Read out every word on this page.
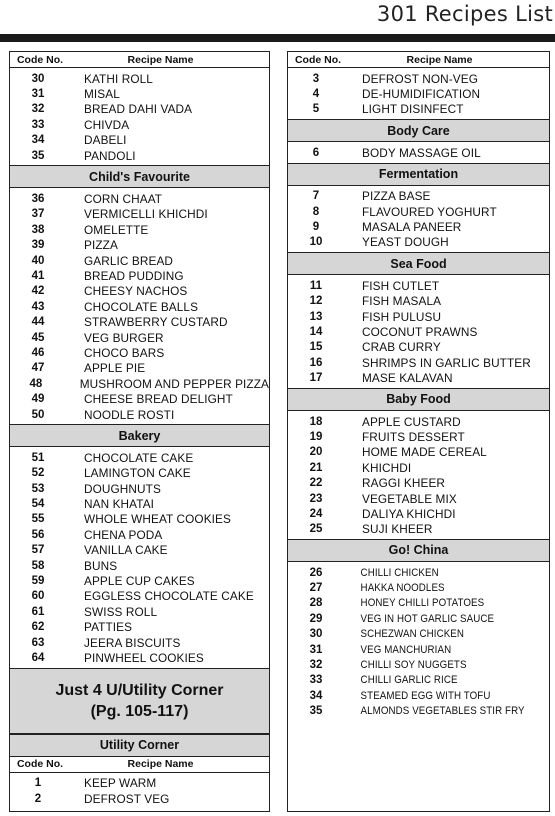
301 Recipes List
Code No.	Recipe Name
30	KATHI ROLL
31	MISAL
32	BREAD DAHI VADA
33	CHIVDA
34	DABELI
35	PANDOLI
Child's Favourite
36	CORN CHAAT
37	VERMICELLI KHICHDI
38	OMELETTE
39	PIZZA
40	GARLIC BREAD
41	BREAD PUDDING
42	CHEESY NACHOS
43	CHOCOLATE BALLS
44	STRAWBERRY CUSTARD
45	VEG BURGER
46	CHOCO BARS
47	APPLE PIE
48	MUSHROOM AND PEPPER PIZZA
49	CHEESE BREAD DELIGHT
50	NOODLE ROSTI
Bakery
51	CHOCOLATE CAKE
52	LAMINGTON CAKE
53	DOUGHNUTS
54	NAN KHATAI
55	WHOLE WHEAT COOKIES
56	CHENA PODA
57	VANILLA CAKE
58	BUNS
59	APPLE CUP CAKES
60	EGGLESS CHOCOLATE CAKE
61	SWISS ROLL
62	PATTIES
63	JEERA BISCUITS
64	PINWHEEL COOKIES
Just 4 U/Utility Corner
(Pg. 105-117)
Utility Corner
Code No.	Recipe Name
1	KEEP WARM
2	DEFROST VEG
Code No.	Recipe Name
3	DEFROST NON-VEG
4	DE-HUMIDIFICATION
5	LIGHT DISINFECT
Body Care
6	BODY MASSAGE OIL
Fermentation
7	PIZZA BASE
8	FLAVOURED YOGHURT
9	MASALA PANEER
10	YEAST DOUGH
Sea Food
11	FISH CUTLET
12	FISH MASALA
13	FISH PULUSU
14	COCONUT PRAWNS
15	CRAB CURRY
16	SHRIMPS IN GARLIC BUTTER
17	MASE KALAVAN
Baby Food
18	APPLE CUSTARD
19	FRUITS DESSERT
20	HOME MADE CEREAL
21	KHICHDI
22	RAGGI KHEER
23	VEGETABLE MIX
24	DALIYA KHICHDI
25	SUJI KHEER
Go! China
26	CHILLI CHICKEN
27	HAKKA NOODLES
28	HONEY CHILLI POTATOES
29	VEG IN HOT GARLIC SAUCE
30	SCHEZWAN CHICKEN
31	VEG MANCHURIAN
32	CHILLI SOY NUGGETS
33	CHILLI GARLIC RICE
34	STEAMED EGG WITH TOFU
35	ALMONDS VEGETABLES STIR FRY
